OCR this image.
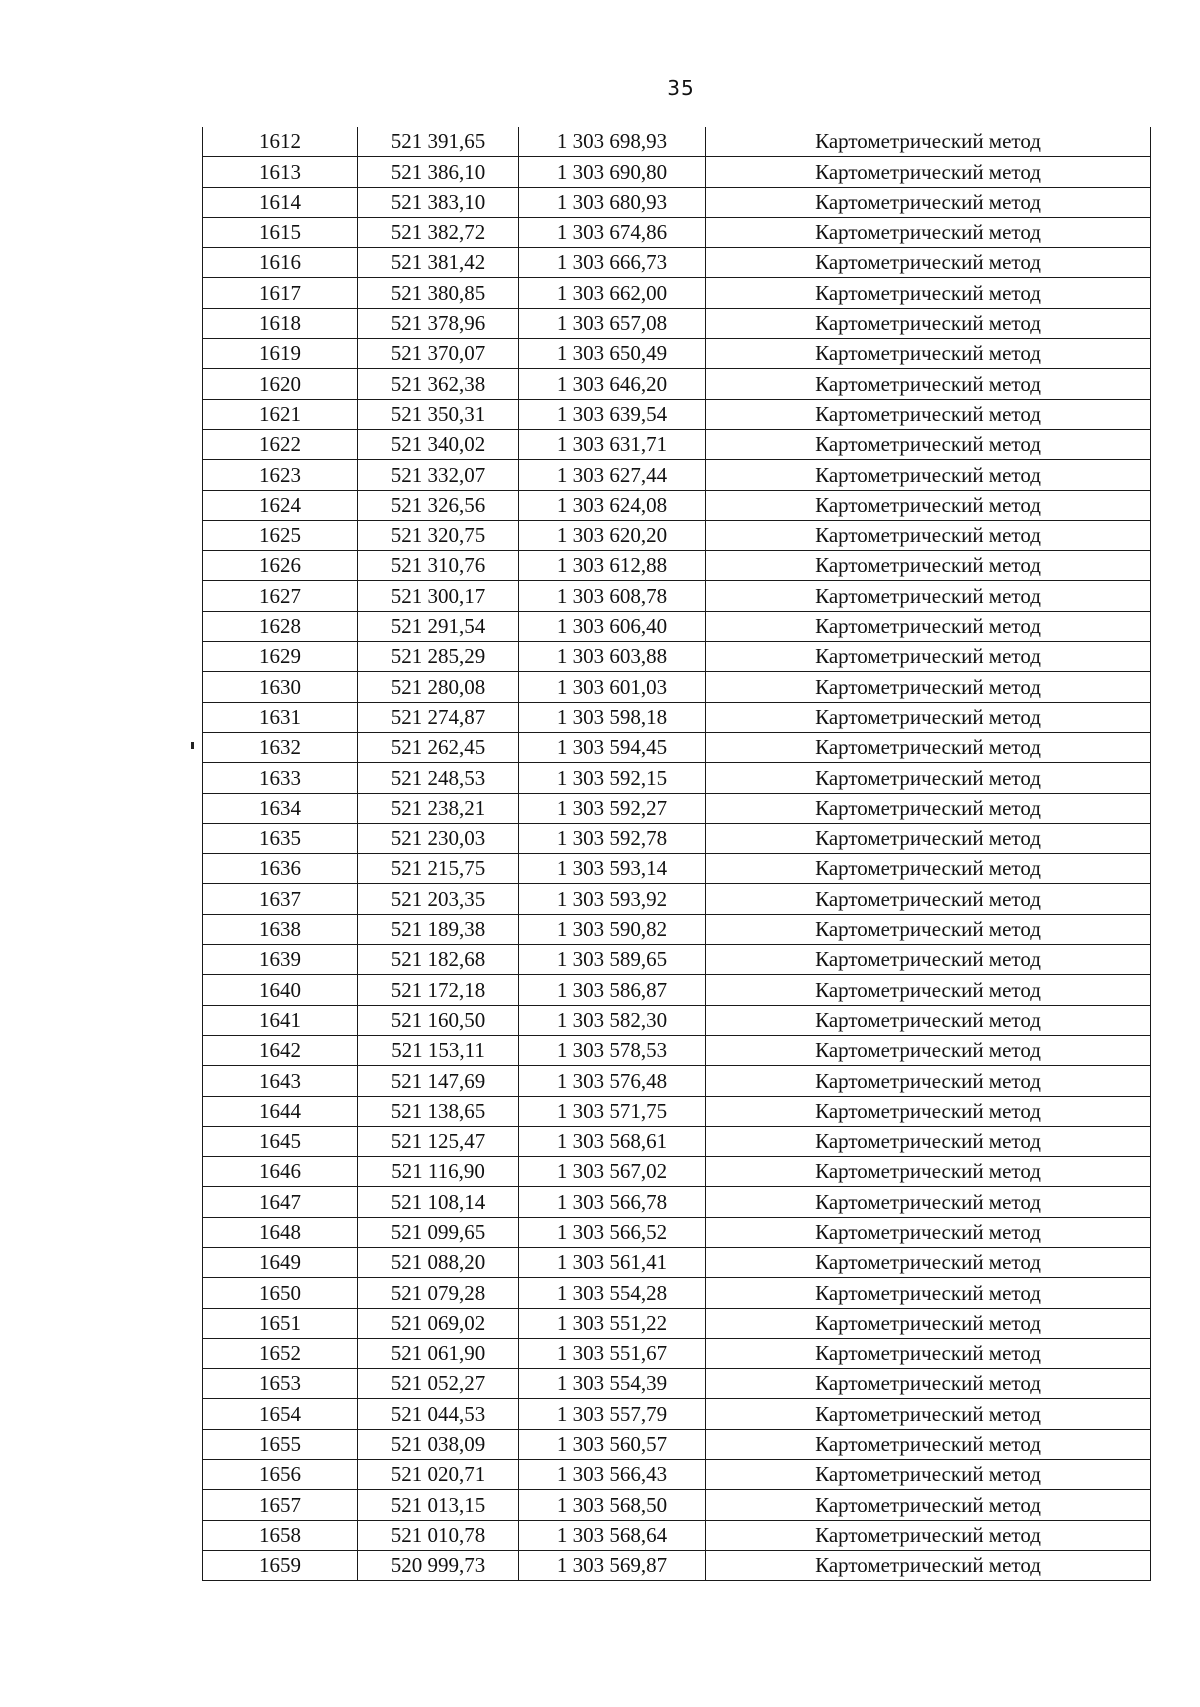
35
1612	521 391,65	1 303 698,93	Картометрический метод
1613	521 386,10	1 303 690,80	Картометрический метод
1614	521 383,10	1 303 680,93	Картометрический метод
1615	521 382,72	1 303 674,86	Картометрический метод
1616	521 381,42	1 303 666,73	Картометрический метод
1617	521 380,85	1 303 662,00	Картометрический метод
1618	521 378,96	1 303 657,08	Картометрический метод
1619	521 370,07	1 303 650,49	Картометрический метод
1620	521 362,38	1 303 646,20	Картометрический метод
1621	521 350,31	1 303 639,54	Картометрический метод
1622	521 340,02	1 303 631,71	Картометрический метод
1623	521 332,07	1 303 627,44	Картометрический метод
1624	521 326,56	1 303 624,08	Картометрический метод
1625	521 320,75	1 303 620,20	Картометрический метод
1626	521 310,76	1 303 612,88	Картометрический метод
1627	521 300,17	1 303 608,78	Картометрический метод
1628	521 291,54	1 303 606,40	Картометрический метод
1629	521 285,29	1 303 603,88	Картометрический метод
1630	521 280,08	1 303 601,03	Картометрический метод
1631	521 274,87	1 303 598,18	Картометрический метод
1632	521 262,45	1 303 594,45	Картометрический метод
1633	521 248,53	1 303 592,15	Картометрический метод
1634	521 238,21	1 303 592,27	Картометрический метод
1635	521 230,03	1 303 592,78	Картометрический метод
1636	521 215,75	1 303 593,14	Картометрический метод
1637	521 203,35	1 303 593,92	Картометрический метод
1638	521 189,38	1 303 590,82	Картометрический метод
1639	521 182,68	1 303 589,65	Картометрический метод
1640	521 172,18	1 303 586,87	Картометрический метод
1641	521 160,50	1 303 582,30	Картометрический метод
1642	521 153,11	1 303 578,53	Картометрический метод
1643	521 147,69	1 303 576,48	Картометрический метод
1644	521 138,65	1 303 571,75	Картометрический метод
1645	521 125,47	1 303 568,61	Картометрический метод
1646	521 116,90	1 303 567,02	Картометрический метод
1647	521 108,14	1 303 566,78	Картометрический метод
1648	521 099,65	1 303 566,52	Картометрический метод
1649	521 088,20	1 303 561,41	Картометрический метод
1650	521 079,28	1 303 554,28	Картометрический метод
1651	521 069,02	1 303 551,22	Картометрический метод
1652	521 061,90	1 303 551,67	Картометрический метод
1653	521 052,27	1 303 554,39	Картометрический метод
1654	521 044,53	1 303 557,79	Картометрический метод
1655	521 038,09	1 303 560,57	Картометрический метод
1656	521 020,71	1 303 566,43	Картометрический метод
1657	521 013,15	1 303 568,50	Картометрический метод
1658	521 010,78	1 303 568,64	Картометрический метод
1659	520 999,73	1 303 569,87	Картометрический метод
